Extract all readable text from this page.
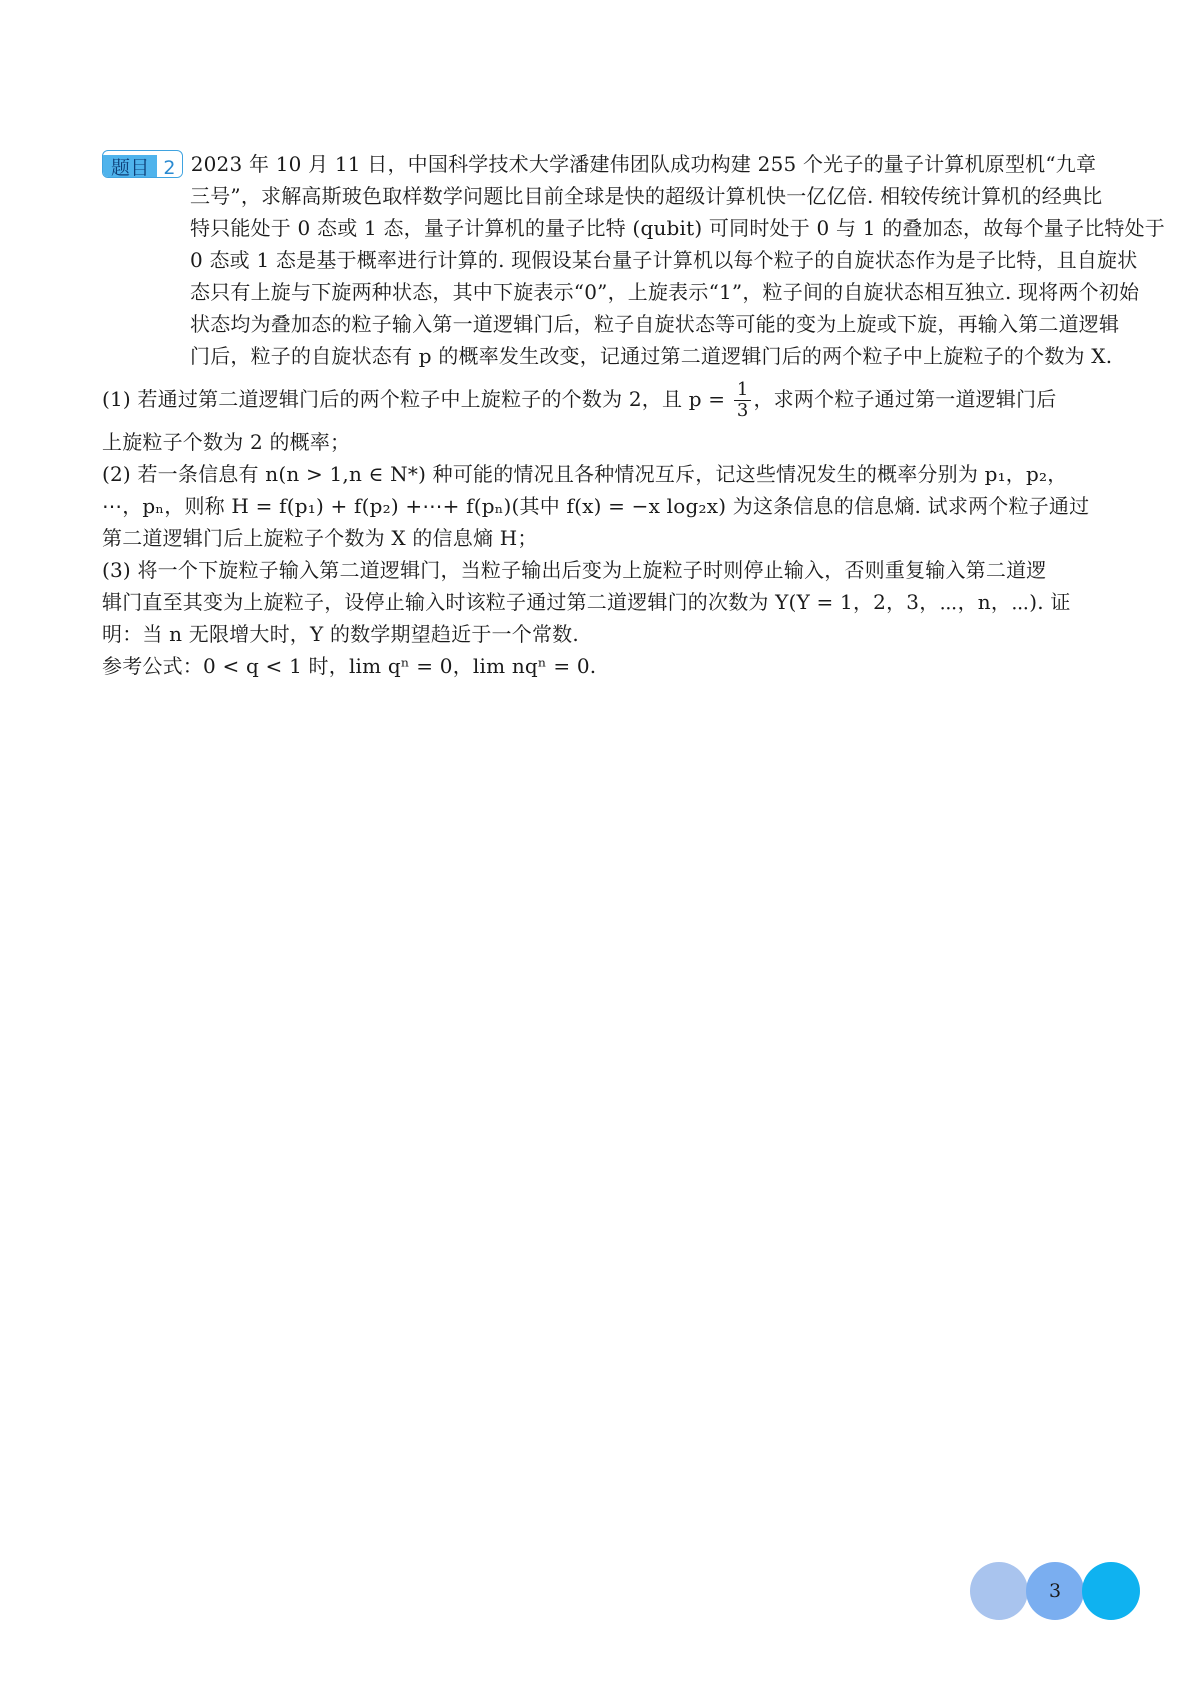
题目 2 2023 年 10 月 11 日，中国科学技术大学潘建伟团队成功构建 255 个光子的量子计算机原型机“九章
三号”，求解高斯玻色取样数学问题比目前全球是快的超级计算机快一亿亿倍. 相较传统计算机的经典比
特只能处于 0 态或 1 态，量子计算机的量子比特 (qubit) 可同时处于 0 与 1 的叠加态，故每个量子比特处于
0 态或 1 态是基于概率进行计算的. 现假设某台量子计算机以每个粒子的自旋状态作为是子比特，且自旋状
态只有上旋与下旋两种状态，其中下旋表示“0”，上旋表示“1”，粒子间的自旋状态相互独立. 现将两个初始
状态均为叠加态的粒子输入第一道逻辑门后，粒子自旋状态等可能的变为上旋或下旋，再输入第二道逻辑
门后，粒子的自旋状态有 p 的概率发生改变，记通过第二道逻辑门后的两个粒子中上旋粒子的个数为 X.
(1) 若通过第二道逻辑门后的两个粒子中上旋粒子的个数为 2，且 $p = \frac{1}{3}$ ，求两个粒子通过第一道逻辑门后
上旋粒子个数为 2 的概率；
(2) 若一条信息有 n(n > 1,n ∈ N*) 种可能的情况且各种情况互斥，记这些情况发生的概率分别为 p₁，p₂，
⋯，pₙ，则称 H = f(p₁) + f(p₂) +⋯+ f(pₙ)(其中 f(x) = −x log₂x) 为这条信息的信息熵. 试求两个粒子通过
第二道逻辑门后上旋粒子个数为 X 的信息熵 H；
(3) 将一个下旋粒子输入第二道逻辑门，当粒子输出后变为上旋粒子时则停止输入，否则重复输入第二道逻
辑门直至其变为上旋粒子，设停止输入时该粒子通过第二道逻辑门的次数为 Y(Y = 1，2，3，⋯，n，⋯). 证
明：当 n 无限增大时，Y 的数学期望趋近于一个常数.
参考公式：0 < q < 1 时，lim qⁿ = 0，lim nqⁿ = 0.
3
